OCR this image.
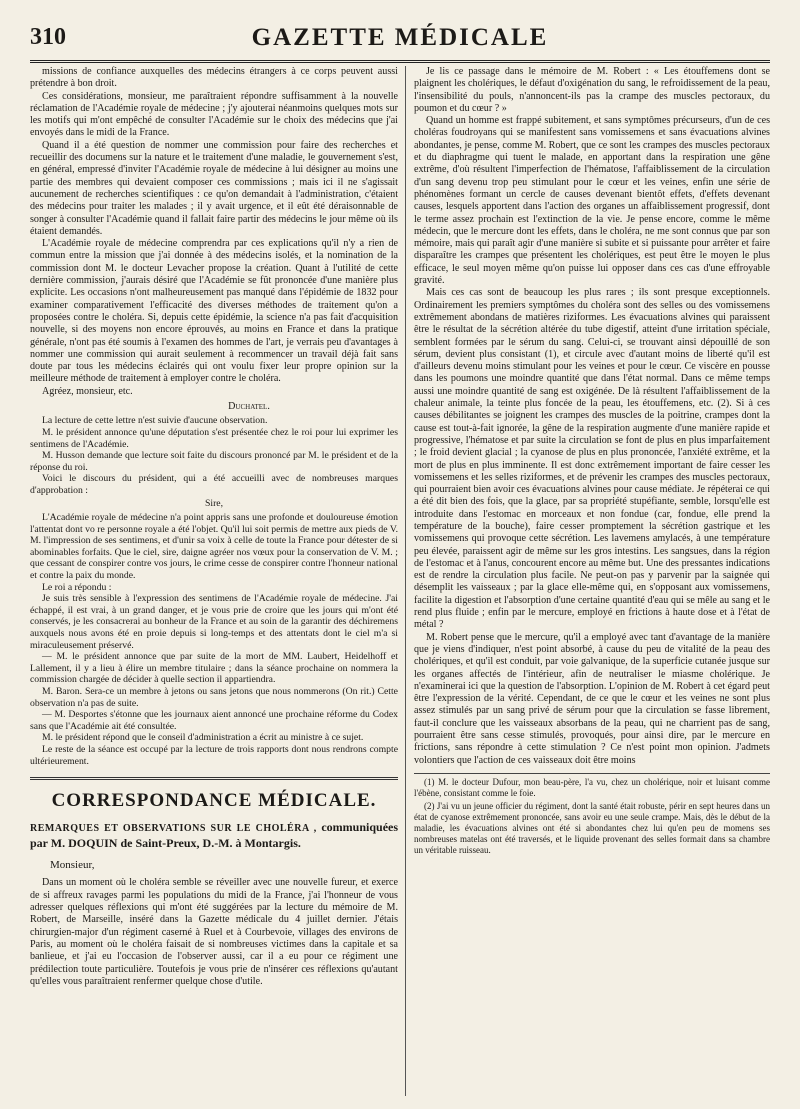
310	GAZETTE MÉDICALE

missions de confiance auxquelles des médecins étrangers à ce corps peuvent aussi prétendre à bon droit.

Ces considérations, monsieur, me paraîtraient répondre suffisamment à la nouvelle réclamation de l'Académie royale de médecine ; j'y ajouterai néanmoins quelques mots sur les motifs qui m'ont empêché de consulter l'Académie sur le choix des médecins que j'ai envoyés dans le midi de la France.

Quand il a été question de nommer une commission pour faire des recherches et recueillir des documens sur la nature et le traitement d'une maladie, le gouvernement s'est, en général, empressé d'inviter l'Académie royale de médecine à lui désigner au moins une partie des membres qui devaient composer ces commissions ; mais ici il ne s'agissait aucunement de recherches scientifiques : ce qu'on demandait à l'administration, c'étaient des médecins pour traiter les malades ; il y avait urgence, et il eût été déraisonnable de songer à consulter l'Académie quand il fallait faire partir des médecins le jour même où ils étaient demandés.

L'Académie royale de médecine comprendra par ces explications qu'il n'y a rien de commun entre la mission que j'ai donnée à des médecins isolés, et la nomination de la commission dont M. le docteur Levacher propose la création. Quant à l'utilité de cette dernière commission, j'aurais désiré que l'Académie se fût prononcée d'une manière plus explicite. Les occasions n'ont malheureusement pas manqué dans l'épidémie de 1832 pour examiner comparativement l'efficacité des diverses méthodes de traitement qu'on a proposées contre le choléra. Si, depuis cette épidémie, la science n'a pas fait d'acquisition nouvelle, si des moyens non encore éprouvés, au moins en France et dans la pratique générale, n'ont pas été soumis à l'examen des hommes de l'art, je verrais peu d'avantages à nommer une commission qui aurait seulement à recommencer un travail déjà fait sans doute par tous les médecins éclairés qui ont voulu fixer leur propre opinion sur la meilleure méthode de traitement à employer contre le choléra.

Agréez, monsieur, etc.

Duchatel.

La lecture de cette lettre n'est suivie d'aucune observation.

M. le président annonce qu'une députation s'est présentée chez le roi pour lui exprimer les sentimens de l'Académie.

M. Husson demande que lecture soit faite du discours prononcé par M. le président et de la réponse du roi.

Voici le discours du président, qui a été accueilli avec de nombreuses marques d'approbation :

Sire,

L'Académie royale de médecine n'a point appris sans une profonde et douloureuse émotion l'attentat dont vo re personne royale a été l'objet. Qu'il lui soit permis de mettre aux pieds de V. M. l'impression de ses sentimens, et d'unir sa voix à celle de toute la France pour détester de si abominables forfaits. Que le ciel, sire, daigne agréer nos vœux pour la conservation de V. M. ; que cessant de conspirer contre vos jours, le crime cesse de conspirer contre l'honneur national et contre la paix du monde.

Le roi a répondu :

Je suis très sensible à l'expression des sentimens de l'Académie royale de médecine. J'ai échappé, il est vrai, à un grand danger, et je vous prie de croire que les jours qui m'ont été conservés, je les consacrerai au bonheur de la France et au soin de la garantir des déchiremens auxquels nous avons été en proie depuis si long-temps et des attentats dont le ciel m'a si miraculeusement préservé.

— M. le président annonce que par suite de la mort de MM. Laubert, Heidelhoff et Lallement, il y a lieu à élire un membre titulaire ; dans la séance prochaine on nommera la commission chargée de décider à quelle section il appartiendra.

M. Baron. Sera-ce un membre à jetons ou sans jetons que nous nommerons (On rit.) Cette observation n'a pas de suite.

— M. Desportes s'étonne que les journaux aient annoncé une prochaine réforme du Codex sans que l'Académie ait été consultée.

M. le président répond que le conseil d'administration a écrit au ministre à ce sujet.

Le reste de la séance est occupé par la lecture de trois rapports dont nous rendrons compte ultérieurement.

CORRESPONDANCE MÉDICALE.

REMARQUES ET OBSERVATIONS SUR LE CHOLÉRA , communiquées par M. DOQUIN de Saint-Preux, D.-M. à Montargis.

Monsieur,

Dans un moment où le choléra semble se réveiller avec une nouvelle fureur, et exerce de si affreux ravages parmi les populations du midi de la France, j'ai l'honneur de vous adresser quelques réflexions qui m'ont été suggérées par la lecture du mémoire de M. Robert, de Marseille, inséré dans la Gazette médicale du 4 juillet dernier. J'étais chirurgien-major d'un régiment caserné à Ruel et à Courbevoie, villages des environs de Paris, au moment où le choléra faisait de si nombreuses victimes dans la capitale et sa banlieue, et j'ai eu l'occasion de l'observer aussi, car il a eu pour ce régiment une prédilection toute particulière. Toutefois je vous prie de n'insérer ces réflexions qu'autant qu'elles vous paraîtraient renfermer quelque chose d'utile.

Je lis ce passage dans le mémoire de M. Robert : « Les étouffemens dont se plaignent les cholériques, le défaut d'oxigénation du sang, le refroidissement de la peau, l'insensibilité du pouls, n'annoncent-ils pas la crampe des muscles pectoraux, du poumon et du cœur ? »

Quand un homme est frappé subitement, et sans symptômes précurseurs, d'un de ces choléras foudroyans qui se manifestent sans vomissemens et sans évacuations alvines abondantes, je pense, comme M. Robert, que ce sont les crampes des muscles pectoraux et du diaphragme qui tuent le malade, en apportant dans la respiration une gêne extrême, d'où résultent l'imperfection de l'hématose, l'affaiblissement de la circulation d'un sang devenu trop peu stimulant pour le cœur et les veines, enfin une série de phénomènes formant un cercle de causes devenant bientôt effets, d'effets devenant causes, lesquels apportent dans l'action des organes un affaiblissement progressif, dont le terme assez prochain est l'extinction de la vie. Je pense encore, comme le même médecin, que le mercure dont les effets, dans le choléra, ne me sont connus que par son mémoire, mais qui paraît agir d'une manière si subite et si puissante pour arrêter et faire disparaître les crampes que présentent les cholériques, est peut être le moyen le plus efficace, le seul moyen même qu'on puisse lui opposer dans ces cas d'une effroyable gravité.

Mais ces cas sont de beaucoup les plus rares ; ils sont presque exceptionnels. Ordinairement les premiers symptômes du choléra sont des selles ou des vomissemens extrêmement abondans de matières riziformes. Les évacuations alvines qui paraissent être le résultat de la sécrétion altérée du tube digestif, atteint d'une irritation spéciale, semblent formées par le sérum du sang. Celui-ci, se trouvant ainsi dépouillé de son sérum, devient plus consistant (1), et circule avec d'autant moins de liberté qu'il est d'ailleurs devenu moins stimulant pour les veines et pour le cœur. Ce viscère en pousse dans les poumons une moindre quantité que dans l'état normal. Dans ce même temps aussi une moindre quantité de sang est oxigénée. De là résultent l'affaiblissement de la chaleur animale, la teinte plus foncée de la peau, les étouffemens, etc. (2). Si à ces causes débilitantes se joignent les crampes des muscles de la poitrine, crampes dont la cause est tout-à-fait ignorée, la gêne de la respiration augmente d'une manière rapide et progressive, l'hématose et par suite la circulation se font de plus en plus imparfaitement ; le froid devient glacial ; la cyanose de plus en plus prononcée, l'anxiété extrême, et la mort de plus en plus imminente. Il est donc extrêmement important de faire cesser les vomissemens et les selles riziformes, et de prévenir les crampes des muscles pectoraux, qui pourraient bien avoir ces évacuations alvines pour cause médiate. Je répéterai ce qui a été dit bien des fois, que la glace, par sa propriété stupéfiante, semble, lorsqu'elle est introduite dans l'estomac en morceaux et non fondue (car, fondue, elle prend la température de la bouche), faire cesser promptement la sécrétion gastrique et les vomissemens qui provoque cette sécrétion. Les lavemens amylacés, à une température peu élevée, paraissent agir de même sur les gros intestins. Les sangsues, dans la région de l'estomac et à l'anus, concourent encore au même but. Une des pressantes indications est de rendre la circulation plus facile. Ne peut-on pas y parvenir par la saignée qui désemplit les vaisseaux ; par la glace elle-même qui, en s'opposant aux vomissemens, facilite la digestion et l'absorption d'une certaine quantité d'eau qui se mêle au sang et le rend plus fluide ; enfin par le mercure, employé en frictions à haute dose et à l'état de métal ?

M. Robert pense que le mercure, qu'il a employé avec tant d'avantage de la manière que je viens d'indiquer, n'est point absorbé, à cause du peu de vitalité de la peau des cholériques, et qu'il est conduit, par voie galvanique, de la superficie cutanée jusque sur les organes affectés de l'intérieur, afin de neutraliser le miasme cholérique. Je n'examinerai ici que la question de l'absorption. L'opinion de M. Robert à cet égard peut être l'expression de la vérité. Cependant, de ce que le cœur et les veines ne sont plus assez stimulés par un sang privé de sérum pour que la circulation se fasse librement, faut-il conclure que les vaisseaux absorbans de la peau, qui ne charrient pas de sang, pourraient être sans cesse stimulés, provoqués, pour ainsi dire, par le mercure en frictions, sans répondre à cette stimulation ? Ce n'est point mon opinion. J'admets volontiers que l'action de ces vaisseaux doit être moins

(1) M. le docteur Dufour, mon beau-père, l'a vu, chez un cholérique, noir et luisant comme l'ébène, consistant comme le foie.

(2) J'ai vu un jeune officier du régiment, dont la santé était robuste, périr en sept heures dans un état de cyanose extrêmement prononcée, sans avoir eu une seule crampe. Mais, dès le début de la maladie, les évacuations alvines ont été si abondantes chez lui qu'en peu de momens ses nombreuses matelas ont été traversés, et le liquide provenant des selles formait dans sa chambre un véritable ruisseau.
